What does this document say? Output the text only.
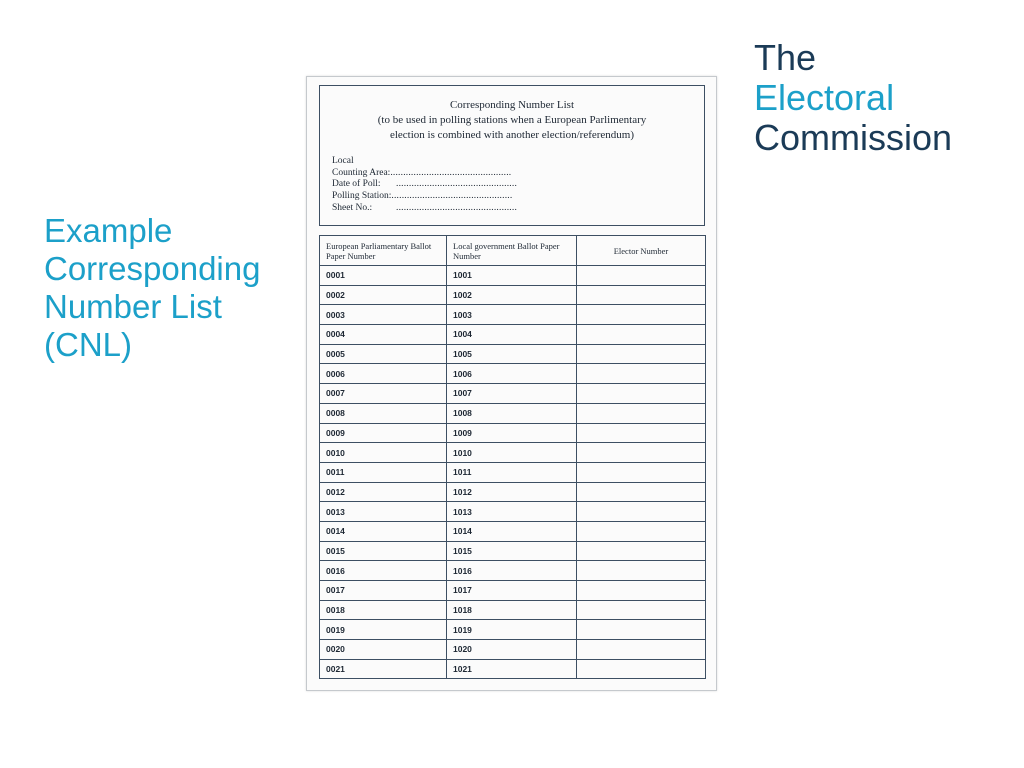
Example
Corresponding
Number List
(CNL)
The
Electoral
Commission
Corresponding Number List
(to be used in polling stations when a European Parlimentary
election is combined with another election/referendum)
Local
Counting Area:...............................................
Date of Poll: ...............................................
Polling Station:...............................................
Sheet No.:	...............................................
European Parliamentary Ballot Paper Number	Local government Ballot Paper Number	Elector Number
0001	1001	
0002	1002	
0003	1003	
0004	1004	
0005	1005	
0006	1006	
0007	1007	
0008	1008	
0009	1009	
0010	1010	
0011	1011	
0012	1012	
0013	1013	
0014	1014	
0015	1015	
0016	1016	
0017	1017	
0018	1018	
0019	1019	
0020	1020	
0021	1021	
